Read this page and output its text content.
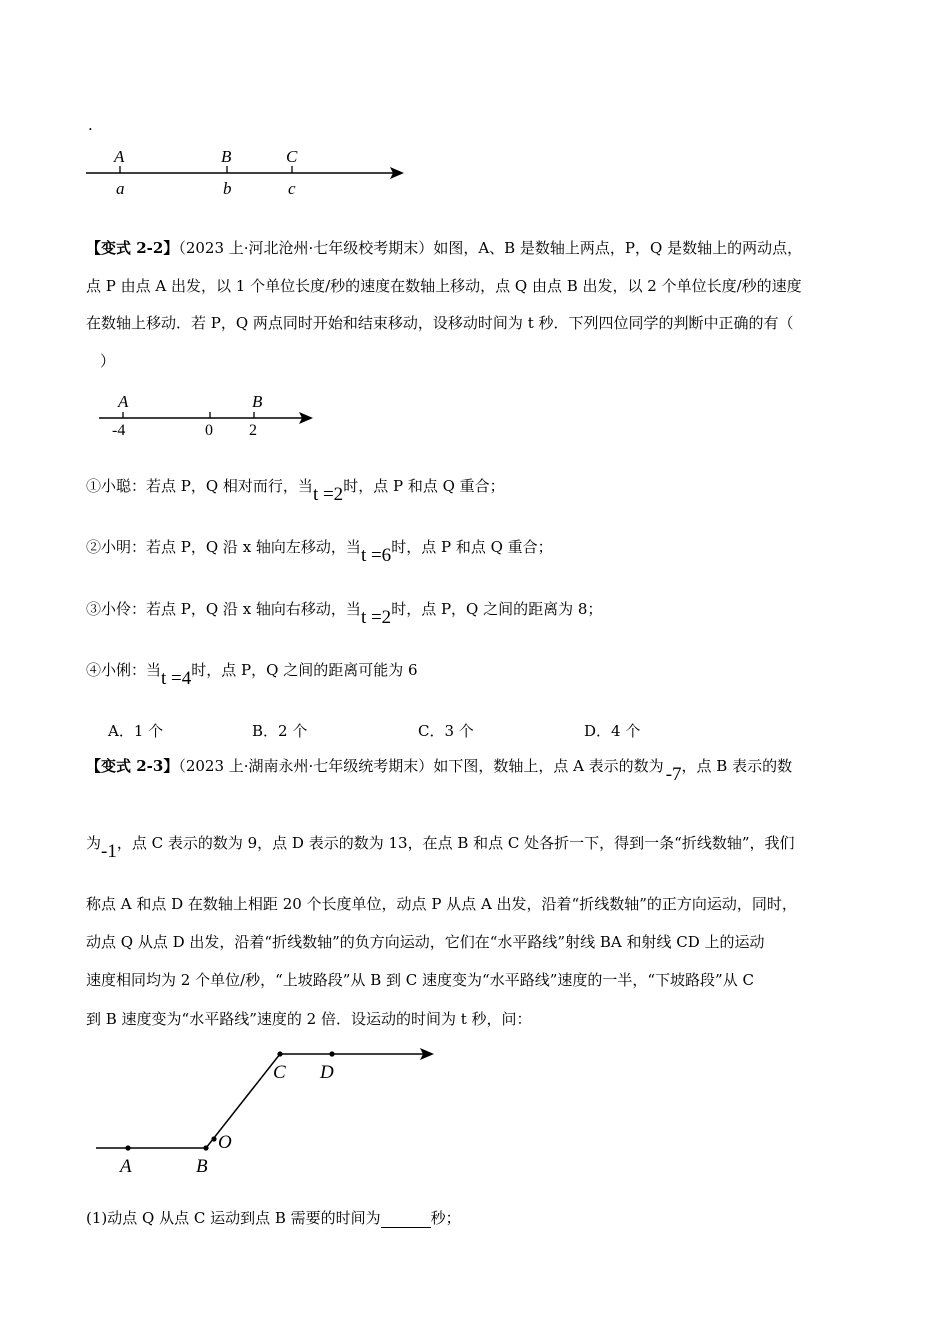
.
A	B	C
a	b	c
【变式 2-2】（2023 上·河北沧州·七年级校考期末）如图，A、B 是数轴上两点，P，Q 是数轴上的两动点，
点 P 由点 A 出发，以 1 个单位长度/秒的速度在数轴上移动，点 Q 由点 B 出发，以 2 个单位长度/秒的速度
在数轴上移动．若 P，Q 两点同时开始和结束移动，设移动时间为 t 秒．下列四位同学的判断中正确的有（
）
A	B
-4	0 2
①小聪：若点 P，Q 相对而行，当t =2时，点 P 和点 Q 重合；
②小明：若点 P，Q 沿 x 轴向左移动，当t =6时，点 P 和点 Q 重合；
③小伶：若点 P，Q 沿 x 轴向右移动，当t =2时，点 P，Q 之间的距离为 8；
④小俐：当t =4时，点 P，Q 之间的距离可能为 6
A．1 个	B．2 个	C．3 个	D．4 个
【变式 2-3】（2023 上·湖南永州·七年级统考期末）如下图，数轴上，点 A 表示的数为 -7，点 B 表示的数
为-1，点 C 表示的数为 9，点 D 表示的数为 13，在点 B 和点 C 处各折一下，得到一条“折线数轴”，我们
称点 A 和点 D 在数轴上相距 20 个长度单位，动点 P 从点 A 出发，沿着“折线数轴”的正方向运动，同时，
动点 Q 从点 D 出发，沿着“折线数轴”的负方向运动，它们在“水平路线”射线 BA 和射线 CD 上的运动
速度相同均为 2 个单位/秒，“上坡路段”从 B 到 C 速度变为“水平路线”速度的一半，“下坡路段”从 C
到 B 速度变为“水平路线”速度的 2 倍．设运动的时间为 t 秒，问：
C D
O
A	B
(1)动点 Q 从点 C 运动到点 B 需要的时间为	秒；
